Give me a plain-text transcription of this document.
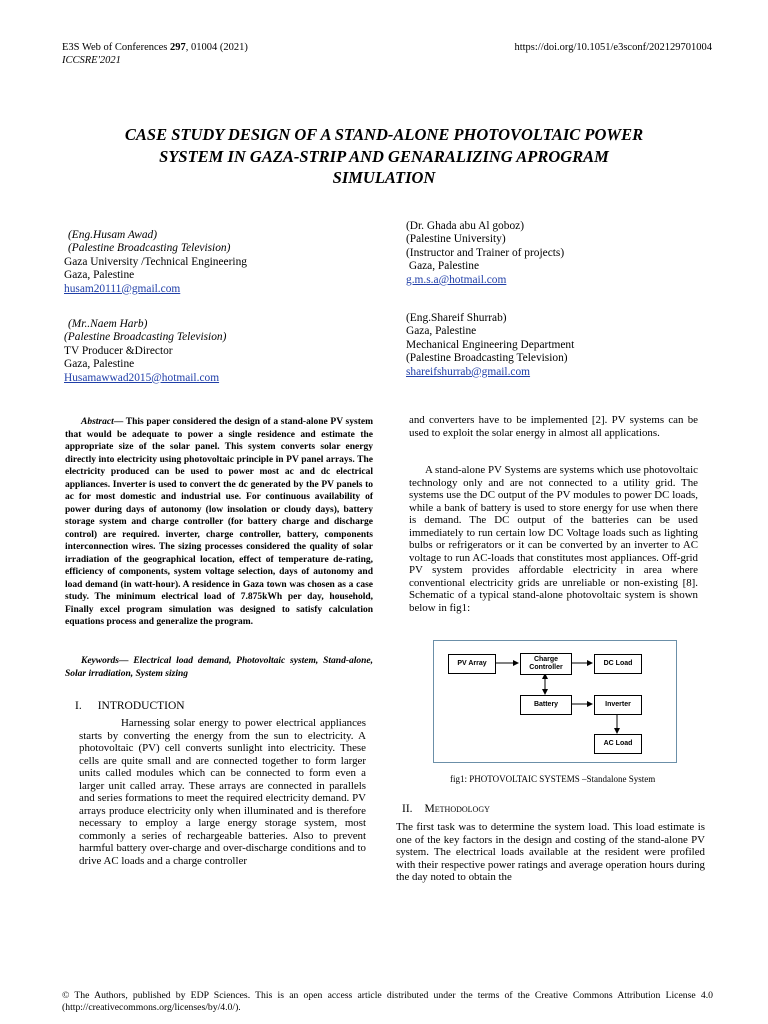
E3S Web of Conferences 297, 01004 (2021)
ICCSRE'2021
https://doi.org/10.1051/e3sconf/202129701004
CASE STUDY DESIGN OF A STAND-ALONE PHOTOVOLTAIC POWER
SYSTEM IN GAZA-STRIP AND GENARALIZING APROGRAM
SIMULATION
(Eng.Husam Awad)
(Palestine Broadcasting Television)
Gaza University /Technical Engineering
Gaza, Palestine
husam20111@gmail.com
(Mr..Naem Harb)
(Palestine Broadcasting Television)
TV Producer &Director
Gaza, Palestine
Husamawwad2015@hotmail.com
(Dr. Ghada abu Al goboz)
(Palestine University)
(Instructor and Trainer of projects)
Gaza, Palestine
g.m.s.a@hotmail.com
(Eng.Shareif Shurrab)
Gaza, Palestine
Mechanical Engineering Department
(Palestine Broadcasting Television)
shareifshurrab@gmail.com
Abstract— This paper considered the design of a stand-alone PV system that would be adequate to power a single residence and estimate the appropriate size of the solar panel. This system converts solar energy directly into electricity using photovoltaic principle in PV panel arrays. The electricity produced can be used to power most ac and dc electrical appliances. Inverter is used to convert the dc generated by the PV panels to ac for most domestic and industrial use. For continuous availability of power during days of autonomy (low insolation or cloudy days), battery storage system and charge controller (for battery charge and discharge control) are required. inverter, charge controller, battery, components interconnection wires. The sizing processes considered the quality of solar irradiation of the geographical location, effect of temperature de-rating, efficiency of components, system voltage selection, days of autonomy and load demand (in watt-hour). A residence in Gaza town was chosen as a case study. The minimum electrical load of 7.875kWh per day, household, Finally excel program simulation was designed to satisfy calculation equations process and generalize the program.
Keywords— Electrical load demand, Photovoltaic system, Stand-alone, Solar irradiation, System sizing
I. INTRODUCTION
Harnessing solar energy to power electrical appliances starts by converting the energy from the sun to electricity. A photovoltaic (PV) cell converts sunlight into electricity. These cells are quite small and are connected together to form larger units called modules which can be connected to form even a larger unit called array. These arrays are connected in parallels and series formations to meet the required electricity demand. PV arrays produce electricity only when illuminated and is therefore necessary to employ a large energy storage system, most commonly a series of rechargeable batteries. Also to prevent harmful battery over-charge and over-discharge conditions and to drive AC loads and a charge controller
and converters have to be implemented [2]. PV systems can be used to exploit the solar energy in almost all applications.
A stand-alone PV Systems are systems which use photovoltaic technology only and are not connected to a utility grid. The systems use the DC output of the PV modules to power DC loads, while a bank of battery is used to store energy for use when there is demand. The DC output of the batteries can be used immediately to run certain low DC Voltage loads such as lighting bulbs or refrigerators or it can be converted by an inverter to AC voltage to run AC-loads that constitutes most appliances. Off-grid PV system provides affordable electricity in area where conventional electricity grids are unreliable or non-existing [8]. Schematic of a typical stand-alone photovoltaic system is shown below in fig1:
PV Array
Charge Controller
DC Load
Battery	Inverter
AC Load
fig1: PHOTOVOLTAIC SYSTEMS –Standalone System
II. Methodology
The first task was to determine the system load. This load estimate is one of the key factors in the design and costing of the stand-alone PV system. The electrical loads available at the resident were profiled with their respective power ratings and average operation hours during the day noted to obtain the
© The Authors, published by EDP Sciences. This is an open access article distributed under the terms of the Creative Commons Attribution License 4.0 (http://creativecommons.org/licenses/by/4.0/).
